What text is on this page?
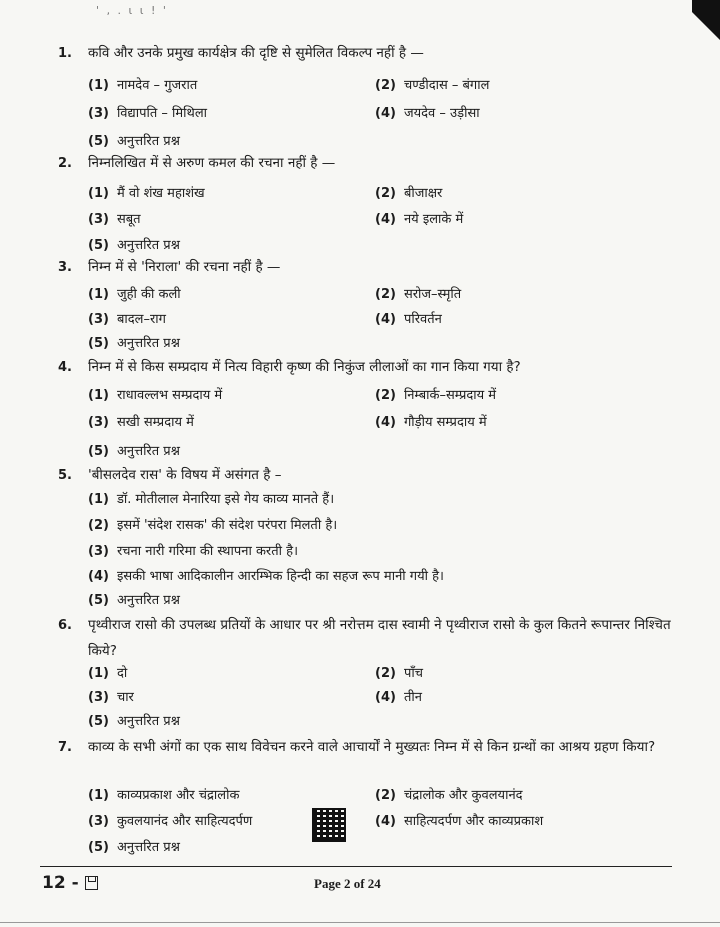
' ‚ . ι ι ! '
1. कवि और उनके प्रमुख कार्यक्षेत्र की दृष्टि से सुमेलित विकल्प नहीं है —
(1) नामदेव – गुजरात	(2) चण्डीदास – बंगाल
(3) विद्यापति – मिथिला	(4) जयदेव – उड़ीसा
(5) अनुत्तरित प्रश्न
2. निम्नलिखित में से अरुण कमल की रचना नहीं है —
(1) मैं वो शंख महाशंख	(2) बीजाक्षर
(3) सबूत	(4) नये इलाके में
(5) अनुत्तरित प्रश्न
3. निम्न में से 'निराला' की रचना नहीं है —
(1) जुही की कली	(2) सरोज–स्मृति
(3) बादल–राग	(4) परिवर्तन
(5) अनुत्तरित प्रश्न
4. निम्न में से किस सम्प्रदाय में नित्य विहारी कृष्ण की निकुंज लीलाओं का गान किया गया है?
(1) राधावल्लभ सम्प्रदाय में	(2) निम्बार्क–सम्प्रदाय में
(3) सखी सम्प्रदाय में	(4) गौड़ीय सम्प्रदाय में
(5) अनुत्तरित प्रश्न
5. 'बीसलदेव रास' के विषय में असंगत है –
(1) डॉ. मोतीलाल मेनारिया इसे गेय काव्य मानते हैं।
(2) इसमें 'संदेश रासक' की संदेश परंपरा मिलती है।
(3) रचना नारी गरिमा की स्थापना करती है।
(4) इसकी भाषा आदिकालीन आरम्भिक हिन्दी का सहज रूप मानी गयी है।
(5) अनुत्तरित प्रश्न
6. पृथ्वीराज रासो की उपलब्ध प्रतियों के आधार पर श्री नरोत्तम दास स्वामी ने पृथ्वीराज रासो के कुल कितने रूपान्तर निश्चित किये?
(1) दो	(2) पाँच
(3) चार	(4) तीन
(5) अनुत्तरित प्रश्न
7. काव्य के सभी अंगों का एक साथ विवेचन करने वाले आचार्यों ने मुख्यतः निम्न में से किन ग्रन्थों का आश्रय ग्रहण किया?
(1) काव्यप्रकाश और चंद्रालोक	(2) चंद्रालोक और कुवलयानंद
(3) कुवलयानंद और साहित्यदर्पण	(4) साहित्यदर्पण और काव्यप्रकाश
(5) अनुत्तरित प्रश्न
12 -	Page 2 of 24
